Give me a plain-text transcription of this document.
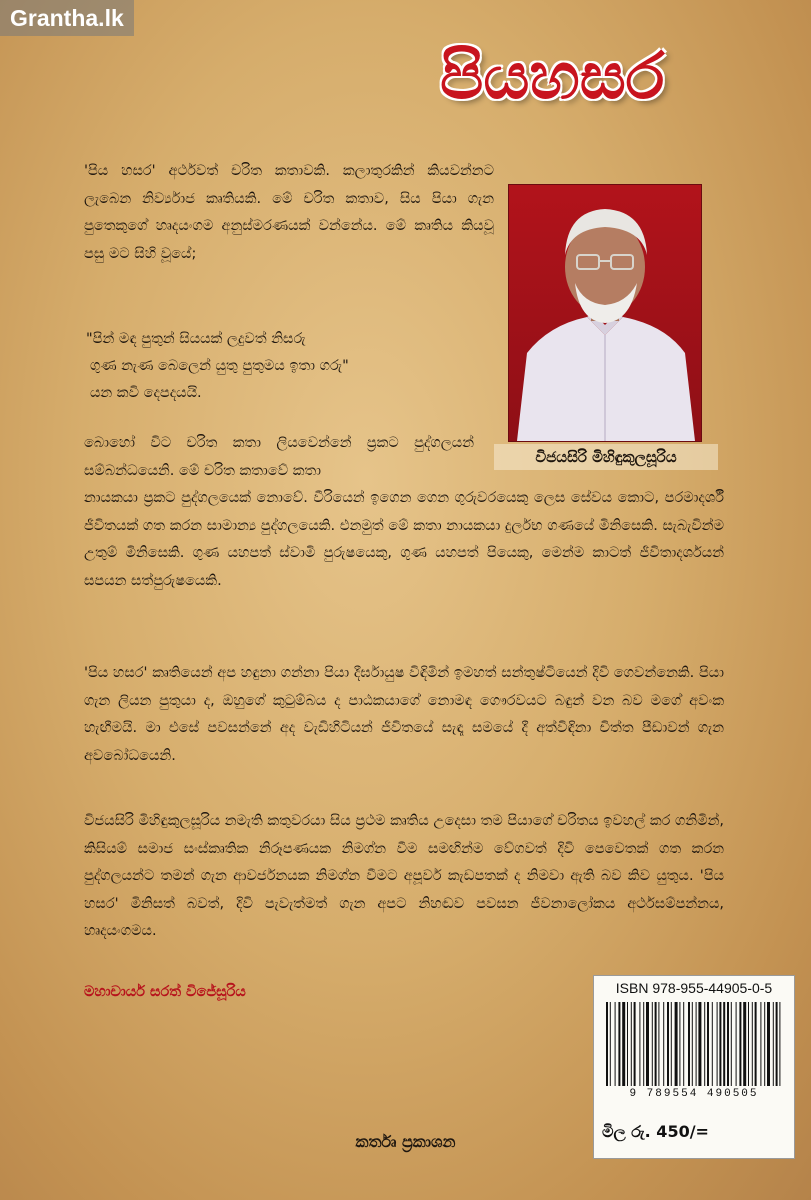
Grantha.lk
පියහසර
විජයසිරි මිහිඳුකුලසූරිය

'පිය හසර' අර්ථවත් චරිත කතාවකි. කලාතුරකින් කියවන්නට ලැබෙන නිර්ව්‍යාජ කෘතියකි. මේ චරිත කතාව, සිය පියා ගැන පුතෙකුගේ හෘදයංගම අනුස්මරණයක් වන්නේය. මේ කෘතිය කියවූ පසු මට සිහි වූයේ;

"පින් මඳ පුතුන් සියයක් ලදුවත් නිසරු
ගුණ නැණ බෙලෙන් යුතු පුතුමය ඉතා ගරු"
යන කවි දෙපදයයි.

බොහෝ විට චරිත කතා ලියවෙන්නේ ප්‍රකට පුද්ගලයන් සම්බන්ධයෙනි. මේ චරිත කතාවේ කතා

නායකයා ප්‍රකට පුද්ගලයෙක් නොවේ. වීරියෙන් ඉගෙන ගෙන ගුරුවරයෙකු ලෙස සේවය කොට, පරමාදර්ශී ජීවිතයක් ගත කරන සාමාන්‍ය පුද්ගලයෙකි. එනමුත් මේ කතා නායකයා දුර්ලභ ගණයේ මිනිසෙකි. සැබැවින්ම උතුම් මිනිසෙකි. ගුණ යහපත් ස්වාමි පුරුෂයෙකු, ගුණ යහපත් පියෙකු, මෙන්ම කාටත් ජීවිතාදර්ශයන් සපයන සත්පුරුෂයෙකි.

'පිය හසර' කෘතියෙන් අප හඳුනා ගන්නා පියා දීර්ඝායුෂ විඳිමින් ඉමහත් සන්තුෂ්ටියෙන් දිවි ගෙවන්නෙකි. පියා ගැන ලියන පුතුයා ද, ඔහුගේ කුටුම්බය ද පාඨකයාගේ නොමඳ ගෞරවයට බඳුන් වන බව මගේ අවංක හැඟීමයි. මා එසේ පවසන්නේ අද වැඩිහිටියන් ජීවිතයේ සැඳෑ සමයේ දී අත්විඳිනා චිත්ත පීඩාවන් ගැන අවබෝධයෙනි.

විජයසිරි මිහිඳුකුලසූරිය නමැති කතුවරයා සිය ප්‍රථම කෘතිය උදෙසා තම පියාගේ චරිතය ඉවහල් කර ගනිමින්, කිසියම් සමාජ සංස්කෘතික නිරූපණයක නිමග්න වීම සමඟින්ම වේගවත් දිවි පෙවෙතක් ගත කරන පුද්ගලයන්ට තමන් ගැන ආවර්ජනයක නිමග්න වීමට අපූර්ව කැඩපතක් ද නිමවා ඇති බව කිව යුතුය. 'පිය හසර' මිනිසත් බවත්, දිවි පැවැත්මත් ගැන අපට නිහඬව පවසන ජීවනාලෝකය අර්ථසම්පන්නය, හෘදයංගමය.

මහාචාර්ය සරත් විජේසූරිය	ISBN 978-955-44905-0-5
9 789554 490505
මිල රු. 450/=
කර්තෘ ප්‍රකාශන
